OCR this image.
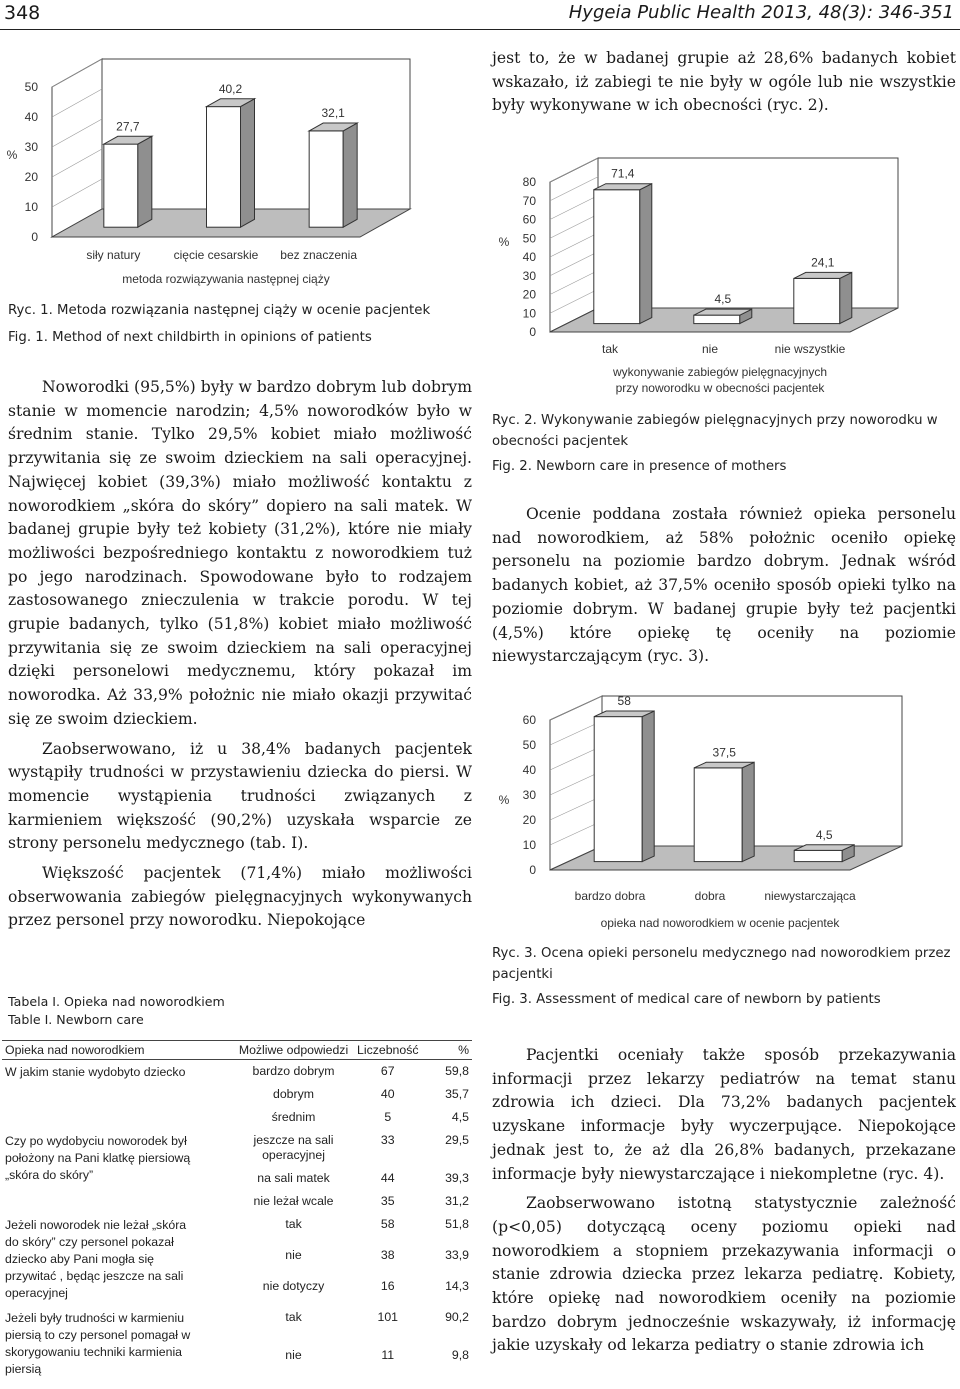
348	Hygeia Public Health 2013, 48(3): 346-351
0
10
20
30
40
50
%
27,7
siły natury
40,2
cięcie cesarskie
32,1
bez znaczenia
metoda rozwiązywania następnej ciąży
Ryc. 1. Metoda rozwiązania następnej ciąży w ocenie pacjentek
Fig. 1. Method of next childbirth in opinions of patients

Noworodki (95,5%) były w bardzo dobrym lub dobrym stanie w momencie narodzin; 4,5% noworodków było w średnim stanie. Tylko 29,5% kobiet miało możliwość przywitania się ze swoim dzieckiem na sali operacyjnej. Najwięcej kobiet (39,3%) miało możliwość kontaktu z noworodkiem „skóra do skóry” dopiero na sali matek. W badanej grupie były też kobiety (31,2%), które nie miały możliwości bezpośredniego kontaktu z noworodkiem tuż po jego narodzinach. Spowodowane było to rodzajem zastosowanego znieczulenia w trakcie porodu. W tej grupie badanych, tylko (51,8%) kobiet miało możliwość przywitania się ze swoim dzieckiem na sali operacyjnej dzięki personelowi medycznemu, który pokazał im noworodka. Aż 33,9% położnic nie miało okazji przywitać się ze swoim dzieckiem.

Zaobserwowano, iż u 38,4% badanych pacjentek wystąpiły trudności w przystawieniu dziecka do piersi. W momencie wystąpienia trudności związanych z karmieniem większość (90,2%) uzyskała wsparcie ze strony personelu medycznego (tab. I).

Większość pacjentek (71,4%) miało możliwości obserwowania zabiegów pielęgnacyjnych wykonywanych przez personel przy noworodku. Niepokojące

Tabela I. Opieka nad noworodkiem
Table I. Newborn care
Opieka nad noworodkiem	Możliwe odpowiedzi	Liczebność	%
W jakim stanie wydobyto dziecko	bardzo dobrym	67	59,8
	dobrym	40	35,7
	średnim	5	4,5
Czy po wydobyciu noworodek był położony na Pani klatkę piersiową „skóra do skóry”	jeszcze na sali operacyjnej	33	29,5
	na sali matek	44	39,3
	nie leżał wcale	35	31,2
Jeżeli noworodek nie leżał „skóra do skóry” czy personel pokazał dziecko aby Pani mogła się przywitać , będąc jeszcze na sali operacyjnej	tak	58	51,8
	nie	38	33,9
	nie dotyczy	16	14,3
Jeżeli były trudności w karmieniu piersią to czy personel pomagał w skorygowaniu techniki karmienia piersią	tak	101	90,2
	nie	11	9,8

jest to, że w badanej grupie aż 28,6% badanych kobiet wskazało, iż zabiegi te nie były w ogóle lub nie wszystkie były wykonywane w ich obecności (ryc. 2).

0
10
20
30
40
50
60
70
80
%
71,4
tak
4,5
nie
24,1
nie wszystkie
wykonywanie zabiegów pielęgnacyjnych
przy noworodku w obecności pacjentek
Ryc. 2. Wykonywanie zabiegów pielęgnacyjnych przy noworodku w obecności pacjentek
Fig. 2. Newborn care in presence of mothers

Ocenie poddana została również opieka personelu nad noworodkiem, aż 58% położnic oceniło opiekę personelu na poziomie bardzo dobrym. Jednak wśród badanych kobiet, aż 37,5% oceniło sposób opieki tylko na poziomie dobrym. W badanej grupie były też pacjentki (4,5%) które opiekę tę oceniły na poziomie niewystarczającym (ryc. 3).

0
10
20
30
40
50
60
%
58
bardzo dobra
37,5
dobra
4,5
niewystarczająca
opieka nad noworodkiem w ocenie pacjentek
Ryc. 3. Ocena opieki personelu medycznego nad noworodkiem przez pacjentki
Fig. 3. Assessment of medical care of newborn by patients

Pacjentki oceniały także sposób przekazywania informacji przez lekarzy pediatrów na temat stanu zdrowia ich dzieci. Dla 73,2% badanych pacjentek uzyskane informacje były wyczerpujące. Niepokojące jednak jest to, że aż dla 26,8% badanych, przekazane informacje były niewystarczające i niekompletne (ryc. 4).

Zaobserwowano istotną statystycznie zależność (p<0,05) dotyczącą oceny poziomu opieki nad noworodkiem a stopniem przekazywania informacji o stanie zdrowia dziecka przez lekarza pediatrę. Kobiety, które opiekę nad noworodkiem oceniły na poziomie bardzo dobrym jednocześnie wskazywały, iż informację jakie uzyskały od lekarza pediatry o stanie zdrowia ich
